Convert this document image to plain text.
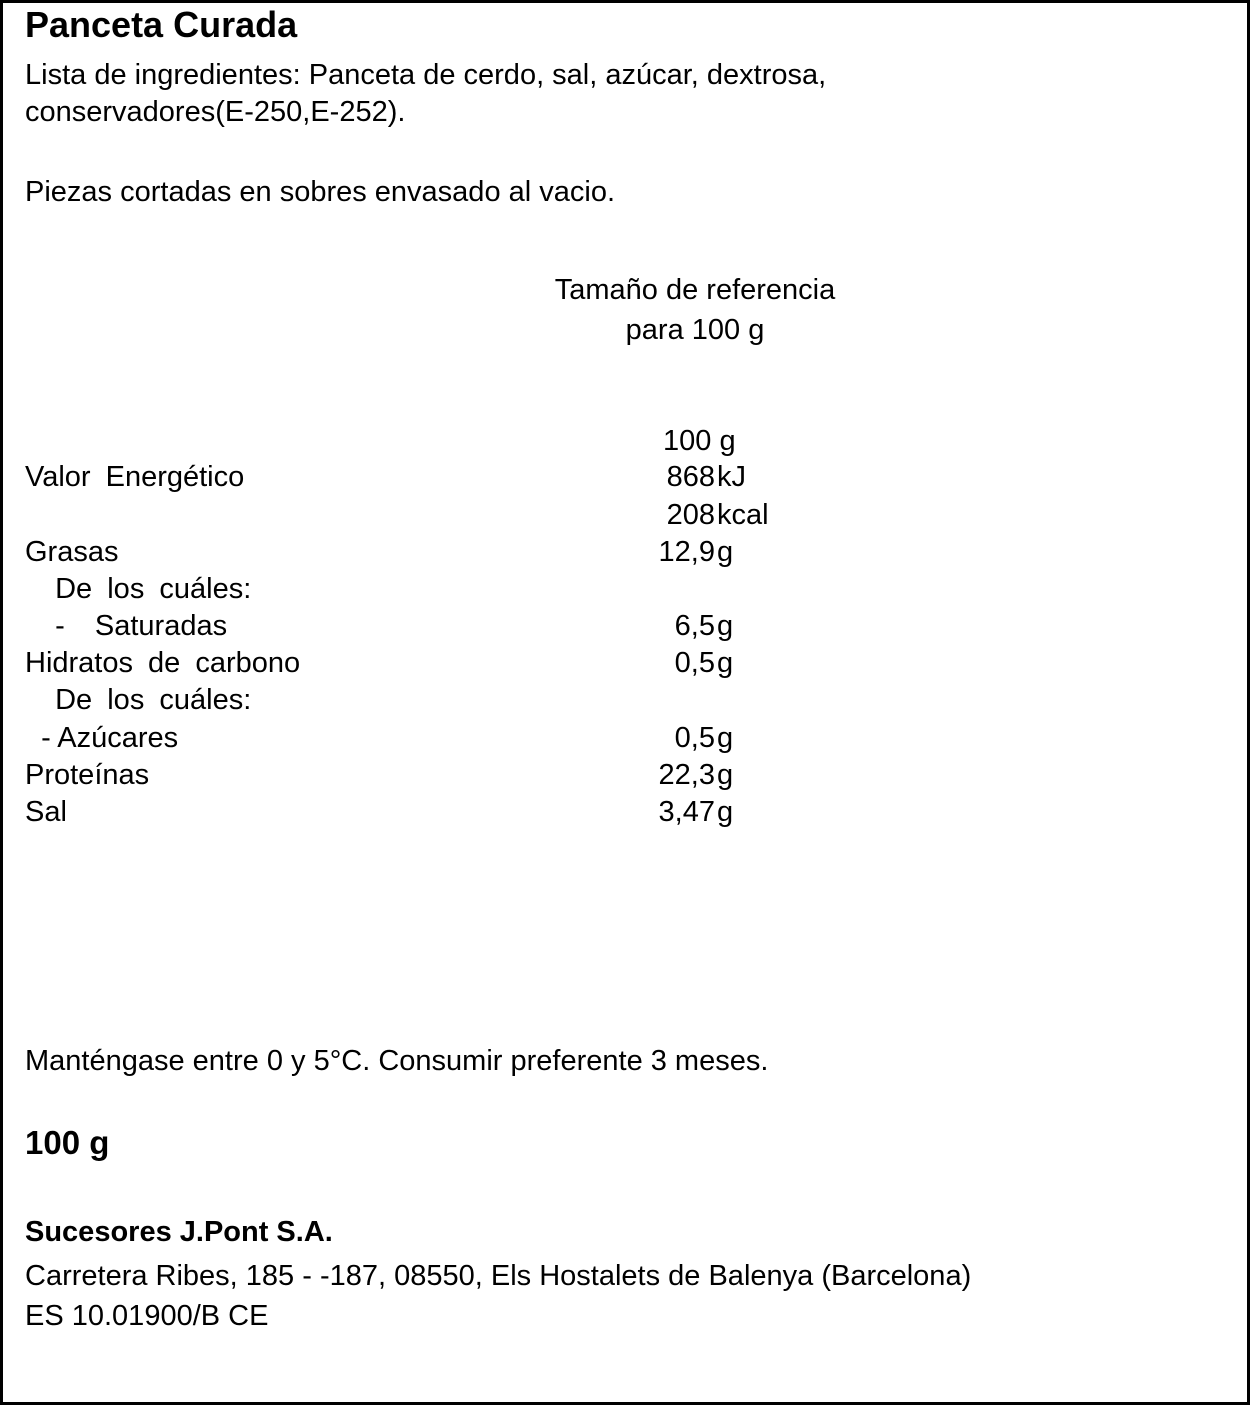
Panceta Curada
Lista de ingredientes: Panceta de cerdo, sal, azúcar, dextrosa,
conservadores(E-250,E-252).
Piezas cortadas en sobres envasado al vacio.
Tamaño de referencia
para 100 g
100 g
Valor Energético	868 kJ
208 kcal
Grasas	12,9 g
De los cuáles:
-  Saturadas	6,5 g
Hidratos de carbono	0,5 g
De los cuáles:
- Azúcares	0,5 g
Proteínas	22,3 g
Sal	3,47 g
Manténgase entre 0 y 5°C. Consumir preferente 3 meses.
100 g
Sucesores J.Pont S.A.
Carretera Ribes, 185 - -187, 08550, Els Hostalets de Balenya (Barcelona)
ES 10.01900/B CE
